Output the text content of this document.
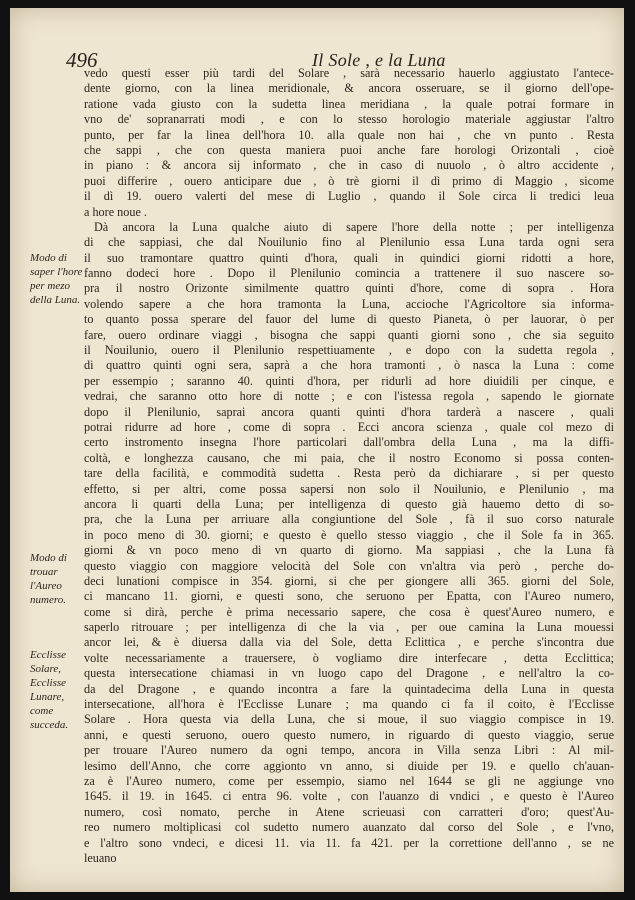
496	Il Sole , e la Luna
Modo di saper l'hore per mezo della Luna.
Modo di trouar l'Aureo numero.
Ecclisse Solare, Ecclisse Lunare, come succeda.
vedo questi esser più tardi del Solare , sarà necessario hauerlo aggiustato l'antece-
dente giorno, con la linea meridionale, & ancora osseruare, se il giorno dell'ope-
ratione vada giusto con la sudetta linea meridiana , la quale potrai formare in
vno de' sopranarrati modi , e con lo stesso horologio materiale aggiustar l'altro
punto, per far la linea dell'hora 10. alla quale non hai , che vn punto . Resta
che sappi , che con questa maniera puoi anche fare horologi Orizontali , cioè
in piano : & ancora sij informato , che in caso di nuuolo , ò altro accidente ,
puoi differire , ouero anticipare due , ò trè giorni il dì primo di Maggio , sicome
il dì 19. ouero valerti del mese di Luglio , quando il Sole circa li tredici leua
a hore noue .
Dà ancora la Luna qualche aiuto di sapere l'hore della notte ; per intelligenza
di che sappiasi, che dal Nouilunio fino al Plenilunio essa Luna tarda ogni sera
il suo tramontare quattro quinti d'hora, quali in quindici giorni ridotti a hore,
fanno dodeci hore . Dopo il Plenilunio comincia a trattenere il suo nascere so-
pra il nostro Orizonte similmente quattro quinti d'hore, come di sopra . Hora
volendo sapere a che hora tramonta la Luna, accioche l'Agricoltore sia informa-
to quanto possa sperare del fauor del lume di questo Pianeta, ò per lauorar, ò per
fare, ouero ordinare viaggi , bisogna che sappi quanti giorni sono , che sia seguito
il Nouilunio, ouero il Plenilunio respettiuamente , e dopo con la sudetta regola ,
di quattro quinti ogni sera, saprà a che hora tramonti , ò nasca la Luna : come
per essempio ; saranno 40. quinti d'hora, per ridurli ad hore diuidili per cinque, e
vedrai, che saranno otto hore di notte ; e con l'istessa regola , sapendo le giornate
dopo il Plenilunio, saprai ancora quanti quinti d'hora tarderà a nascere , quali
potrai ridurre ad hore , come di sopra . Ecci ancora scienza , quale col mezo di
certo instromento insegna l'hore particolari dall'ombra della Luna , ma la diffi-
coltà, e longhezza causano, che mi paia, che il nostro Economo si possa conten-
tare della facilità, e commodità sudetta . Resta però da dichiarare , si per questo
effetto, si per altri, come possa sapersi non solo il Nouilunio, e Plenilunio , ma
ancora li quarti della Luna; per intelligenza di questo già hauemo detto di so-
pra, che la Luna per arriuare alla congiuntione del Sole , fà il suo corso naturale
in poco meno di 30. giorni; e questo è quello stesso viaggio , che il Sole fa in 365.
giorni & vn poco meno di vn quarto di giorno. Ma sappiasi , che la Luna fà
questo viaggio con maggiore velocità del Sole con vn'altra via però , perche do-
deci lunationi compisce in 354. giorni, si che per giongere alli 365. giorni del Sole,
ci mancano 11. giorni, e questi sono, che seruono per Epatta, con l'Aureo numero,
come si dirà, perche è prima necessario sapere, che cosa è quest'Aureo numero, e
saperlo ritrouare ; per intelligenza di che la via , per oue camina la Luna mouessi
ancor lei, & è diuersa dalla via del Sole, detta Eclittica , e perche s'incontra due
volte necessariamente a trauersere, ò vogliamo dire interfecare , detta Ecclittica;
questa intersecatione chiamasi in vn luogo capo del Dragone , e nell'altro la co-
da del Dragone , e quando incontra a fare la quintadecima della Luna in questa
intersecatione, all'hora è l'Ecclisse Lunare ; ma quando ci fa il coito, è l'Ecclisse
Solare . Hora questa via della Luna, che si moue, il suo viaggio compisce in 19.
anni, e questi seruono, ouero questo numero, in riguardo di questo viaggio, serue
per trouare l'Aureo numero da ogni tempo, ancora in Villa senza Libri : Al mil-
lesimo dell'Anno, che corre aggionto vn anno, si diuide per 19. e quello ch'auan-
za è l'Aureo numero, come per essempio, siamo nel 1644 se gli ne aggiunge vno
1645. il 19. in 1645. ci entra 96. volte , con l'auanzo di vndici , e questo è l'Aureo
numero, così nomato, perche in Atene scrieuasi con carratteri d'oro; quest'Au-
reo numero moltiplicasi col sudetto numero auanzato dal corso del Sole , e l'vno,
e l'altro sono vndeci, e dicesi 11. via 11. fa 421. per la correttione dell'anno , se ne
leuano
